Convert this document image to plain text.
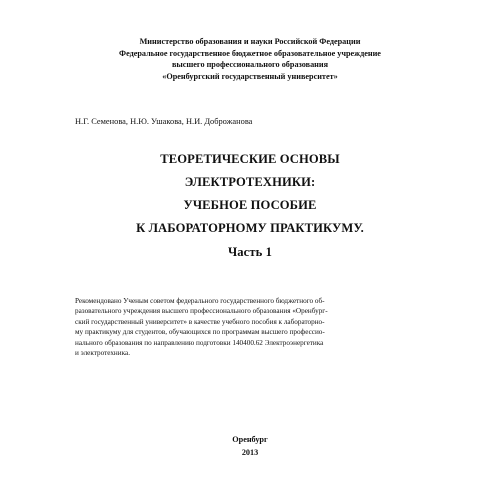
Министерство образования и науки Российской Федерации
Федеральное государственное бюджетное образовательное учреждение
высшего профессионального образования
«Оренбургский государственный университет»
Н.Г. Семенова, Н.Ю. Ушакова, Н.И. Доброжанова
ТЕОРЕТИЧЕСКИЕ ОСНОВЫ
ЭЛЕКТРОТЕХНИКИ:
УЧЕБНОЕ ПОСОБИЕ
К ЛАБОРАТОРНОМУ ПРАКТИКУМУ.
Часть 1
Рекомендовано Ученым советом федерального государственного бюджетного об-
разовательного учреждения высшего профессионального образования «Оренбург-
ский государственный университет» в качестве учебного пособия к лабораторно-
му практикуму для студентов, обучающихся по программам высшего профессио-
нального образования по направлению подготовки 140400.62 Электроэнергетика
и электротехника.
Оренбург
2013
